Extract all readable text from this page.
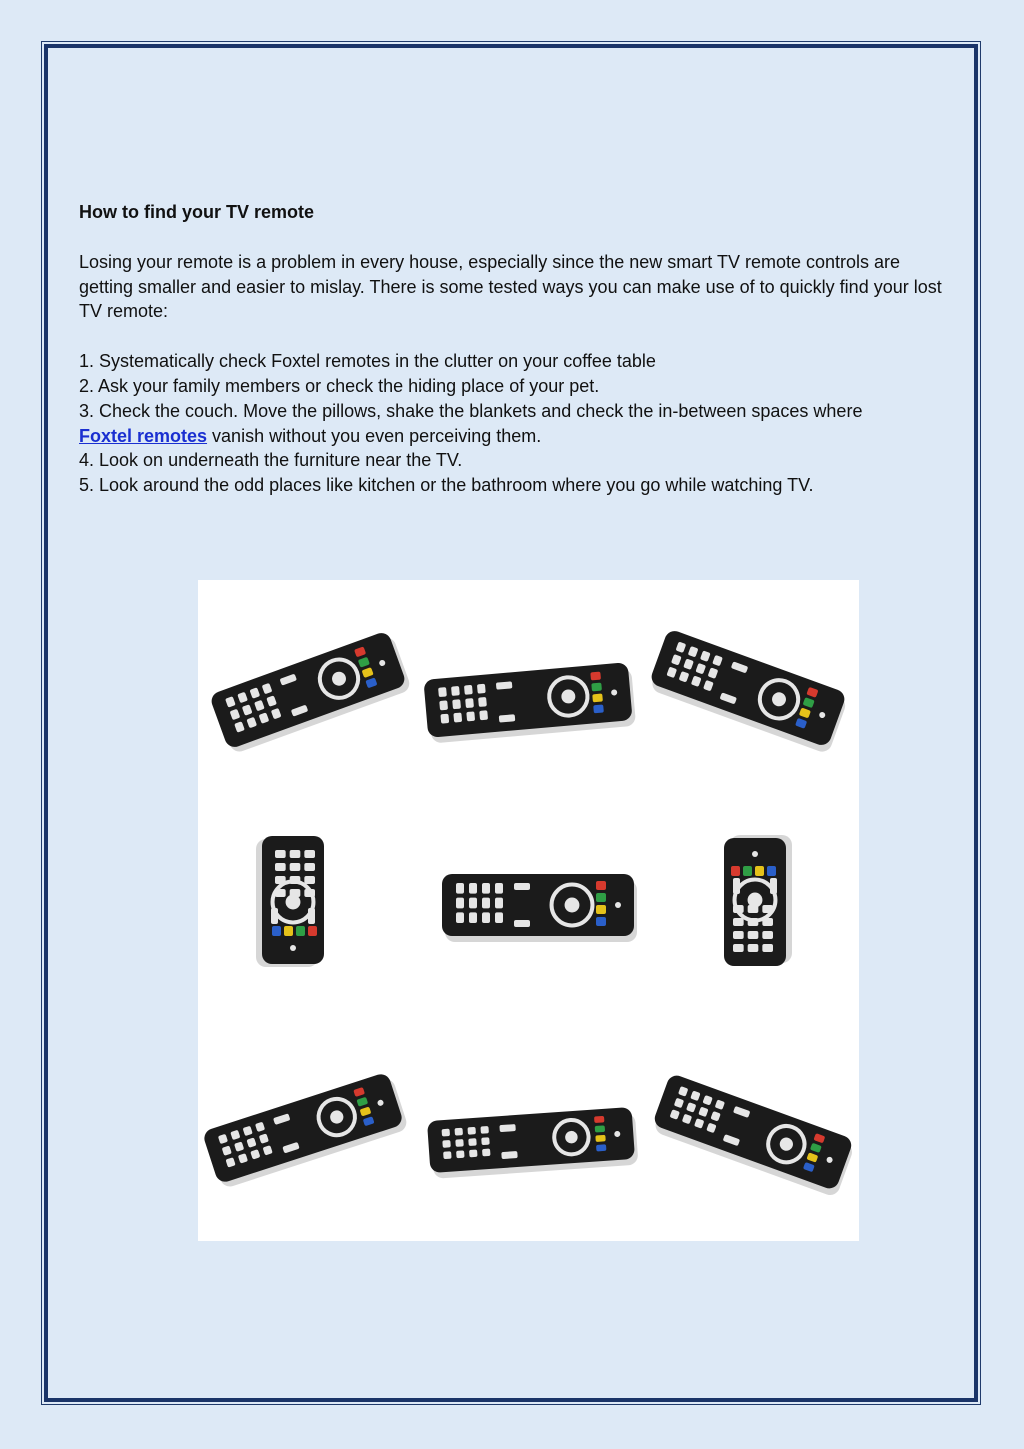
How to find your TV remote

Losing your remote is a problem in every house, especially since the new smart TV remote controls are getting smaller and easier to mislay. There is some tested ways you can make use of to quickly find your lost TV remote:

1. Systematically check Foxtel remotes in the clutter on your coffee table

2. Ask your family members or check the hiding place of your pet.

3. Check the couch. Move the pillows, shake the blankets and check the in-between spaces where
Foxtel remotes vanish without you even perceiving them.

4. Look on underneath the furniture near the TV.

5. Look around the odd places like kitchen or the bathroom where you go while watching TV.
